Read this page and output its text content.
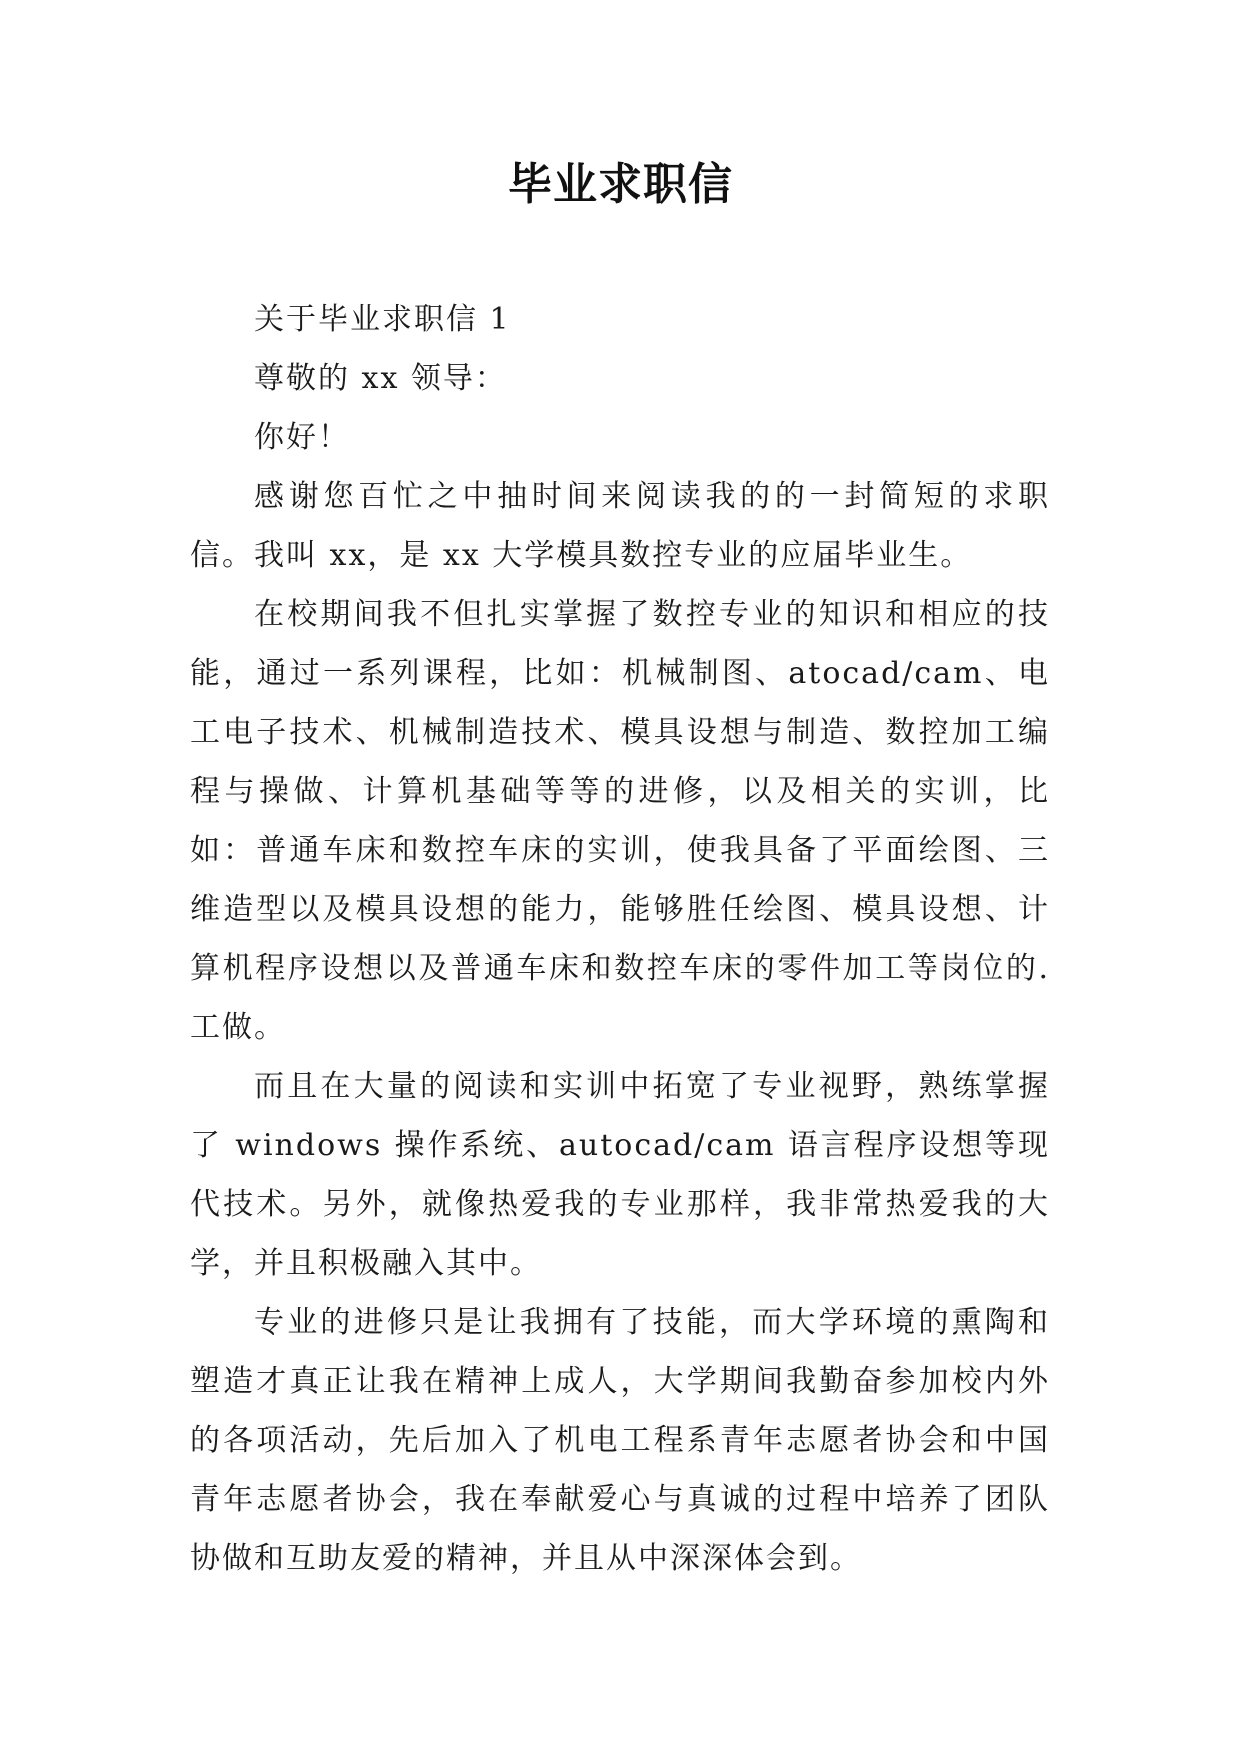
毕业求职信

关于毕业求职信 1

尊敬的 xx 领导：

你好！

感谢您百忙之中抽时间来阅读我的的一封简短的求职信。我叫 xx，是 xx 大学模具数控专业的应届毕业生。

在校期间我不但扎实掌握了数控专业的知识和相应的技能，通过一系列课程，比如：机械制图、atocad/cam、电工电子技术、机械制造技术、模具设想与制造、数控加工编程与操做、计算机基础等等的进修，以及相关的实训，比如：普通车床和数控车床的实训，使我具备了平面绘图、三维造型以及模具设想的能力，能够胜任绘图、模具设想、计算机程序设想以及普通车床和数控车床的零件加工等岗位的.工做。

而且在大量的阅读和实训中拓宽了专业视野，熟练掌握了 windows 操作系统、autocad/cam 语言程序设想等现代技术。另外，就像热爱我的专业那样，我非常热爱我的大学，并且积极融入其中。

专业的进修只是让我拥有了技能，而大学环境的熏陶和塑造才真正让我在精神上成人，大学期间我勤奋参加校内外的各项活动，先后加入了机电工程系青年志愿者协会和中国青年志愿者协会，我在奉献爱心与真诚的过程中培养了团队协做和互助友爱的精神，并且从中深深体会到。
